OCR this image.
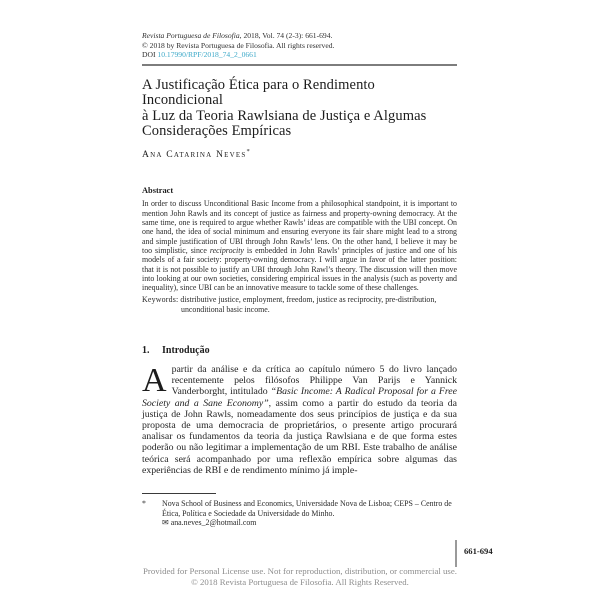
Revista Portuguesa de Filosofia, 2018, Vol. 74 (2-3): 661-694.
© 2018 by Revista Portuguesa de Filosofia. All rights reserved.
DOI 10.17990/RPF/2018_74_2_0661
A Justificação Ética para o Rendimento Incondicional
à Luz da Teoria Rawlsiana de Justiça e Algumas
Considerações Empíricas
Ana Catarina Neves*
Abstract

In order to discuss Unconditional Basic Income from a philosophical standpoint, it is important to mention John Rawls and its concept of justice as fairness and property-owning democracy. At the same time, one is required to argue whether Rawls’ ideas are compatible with the UBI concept. On one hand, the idea of social minimum and ensuring everyone its fair share might lead to a strong and simple justification of UBI through John Rawls’ lens. On the other hand, I believe it may be too simplistic, since reciprocity is embedded in John Rawls’ principles of justice and one of his models of a fair society: property-owning democracy. I will argue in favor of the latter position: that it is not possible to justify an UBI through John Rawl’s theory. The discussion will then move into looking at our own societies, considering empirical issues in the analysis (such as poverty and inequality), since UBI can be an innovative measure to tackle some of these challenges.

Keywords: distributive justice, employment, freedom, justice as reciprocity, pre-distribution, unconditional basic income.

1. Introdução

Apartir da análise e da crítica ao capítulo número 5 do livro lançado recentemente pelos filósofos Philippe Van Parijs e Yannick Vanderborght, intitulado “Basic Income: A Radical Proposal for a Free Society and a Sane Economy”, assim como a partir do estudo da teoria da justiça de John Rawls, nomeadamente dos seus princípios de justiça e da sua proposta de uma democracia de proprietários, o presente artigo procurará analisar os fundamentos da teoria da justiça Rawlsiana e de que forma estes poderão ou não legitimar a implementação de um RBI. Este trabalho de análise teórica será acompanhado por uma reflexão empírica sobre algumas das experiências de RBI e de rendimento mínimo já imple-

*	Nova School of Business and Economics, Universidade Nova de Lisboa; CEPS – Centro de Ética, Política e Sociedade da Universidade do Minho.
✉ ana.neves_2@hotmail.com
661-694
Provided for Personal License use. Not for reproduction, distribution, or commercial use.
© 2018 Revista Portuguesa de Filosofia. All Rights Reserved.
